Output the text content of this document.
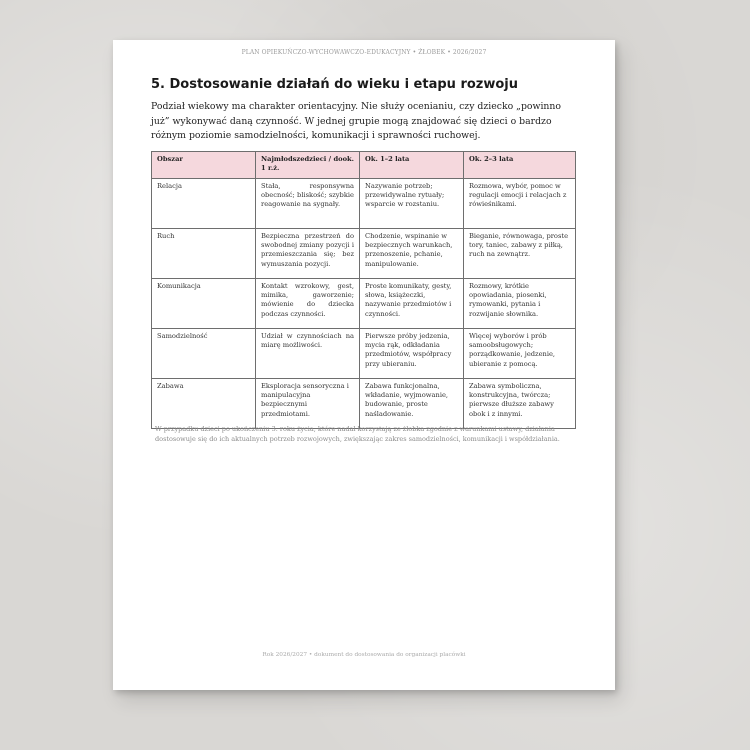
PLAN OPIEKUŃCZO-WYCHOWAWCZO-EDUKACYJNY • ŻŁOBEK • 2026/2027
5. Dostosowanie działań do wieku i etapu rozwoju

Podział wiekowy ma charakter orientacyjny. Nie służy ocenianiu, czy dziecko „powinno już” wykonywać daną czynność. W jednej grupie mogą znajdować się dzieci o bardzo różnym poziomie samodzielności, komunikacji i sprawności ruchowej.

Obszar	Najmłodszedzieci / dook. 1 r.ż.	Ok. 1–2 lata	Ok. 2–3 lata
Relacja	Stała, responsywna obecność; bliskość; szybkie reagowanie na sygnały.	Nazywanie potrzeb; przewidywalne rytuały; wsparcie w rozstaniu.	Rozmowa, wybór, pomoc w regulacji emocji i relacjach z rówieśnikami.
Ruch	Bezpieczna przestrzeń do swobodnej zmiany pozycji i przemieszczania się; bez wymuszania pozycji.	Chodzenie, wspinanie w bezpiecznych warunkach, przenoszenie, pchanie, manipulowanie.	Bieganie, równowaga, proste tory, taniec, zabawy z piłką, ruch na zewnątrz.
Komunikacja	Kontakt wzrokowy, gest, mimika, gaworzenie; mówienie do dziecka podczas czynności.	Proste komunikaty, gesty, słowa, książeczki, nazywanie przedmiotów i czynności.	Rozmowy, krótkie opowiadania, piosenki, rymowanki, pytania i rozwijanie słownika.
Samodzielność	Udział w czynnościach na miarę możliwości.	Pierwsze próby jedzenia, mycia rąk, odkładania przedmiotów, współpracy przy ubieraniu.	Więcej wyborów i prób samoobsługowych; porządkowanie, jedzenie, ubieranie z pomocą.
Zabawa	Eksploracja sensoryczna i manipulacyjna bezpiecznymi przedmiotami.	Zabawa funkcjonalna, wkładanie, wyjmowanie, budowanie, proste naśladowanie.	Zabawa symboliczna, konstrukcyjna, twórcza; pierwsze dłuższe zabawy obok i z innymi.

W przypadku dzieci po ukończeniu 3. roku życia, które nadal korzystają ze żłobka zgodnie z warunkami ustawy, działania dostosowuje się do ich aktualnych potrzeb rozwojowych, zwiększając zakres samodzielności, komunikacji i współdziałania.

Rok 2026/2027 • dokument do dostosowania do organizacji placówki
